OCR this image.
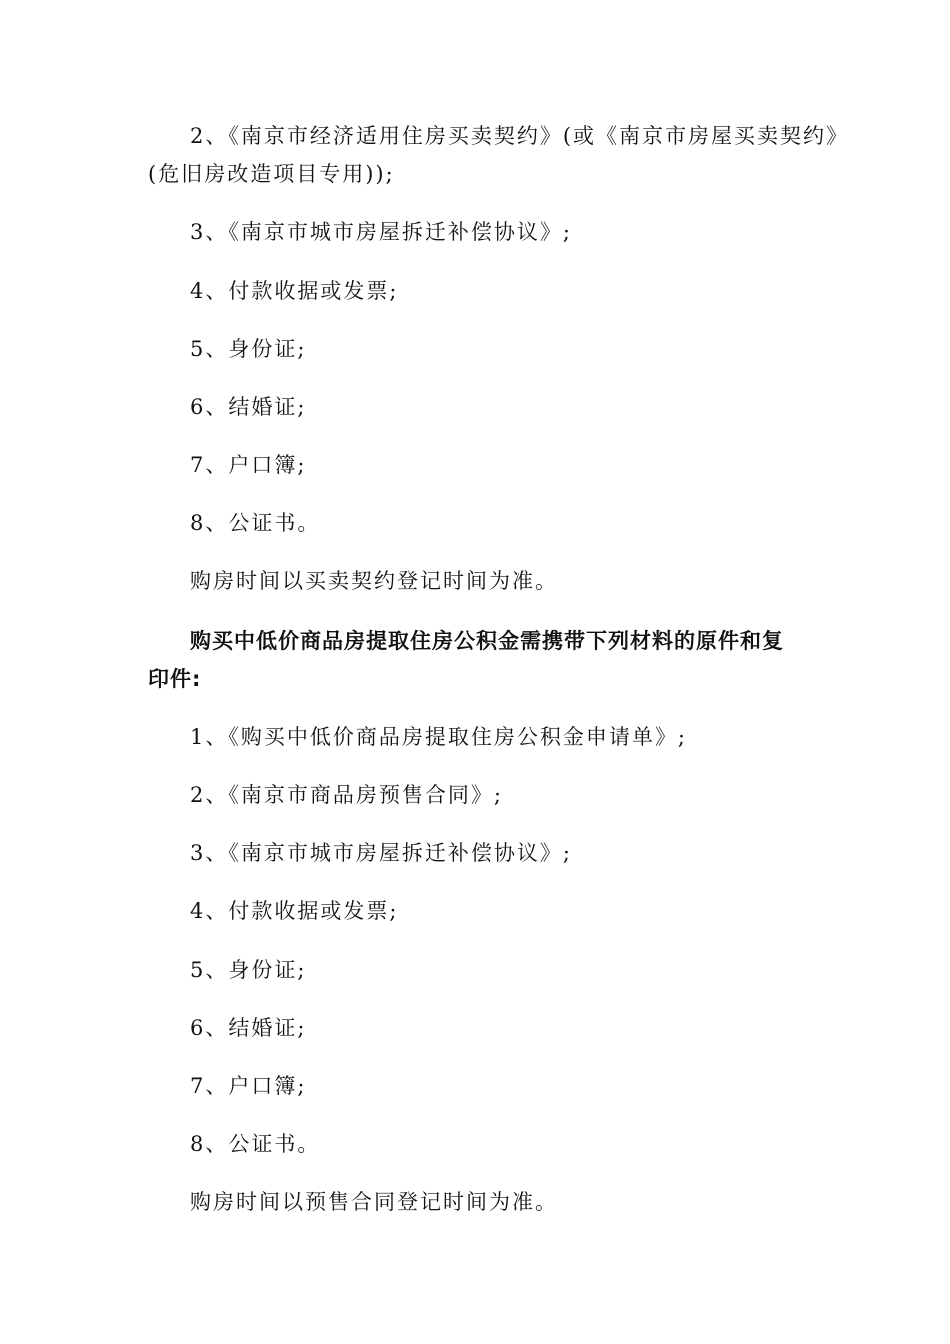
2、《南京市经济适用住房买卖契约》(或《南京市房屋买卖契约》
(危旧房改造项目专用));
3、《南京市城市房屋拆迁补偿协议》;
4、付款收据或发票;
5、身份证;
6、结婚证;
7、户口簿;
8、公证书。
购房时间以买卖契约登记时间为准。
购买中低价商品房提取住房公积金需携带下列材料的原件和复
印件:
1、《购买中低价商品房提取住房公积金申请单》;
2、《南京市商品房预售合同》;
3、《南京市城市房屋拆迁补偿协议》;
4、付款收据或发票;
5、身份证;
6、结婚证;
7、户口簿;
8、公证书。
购房时间以预售合同登记时间为准。
